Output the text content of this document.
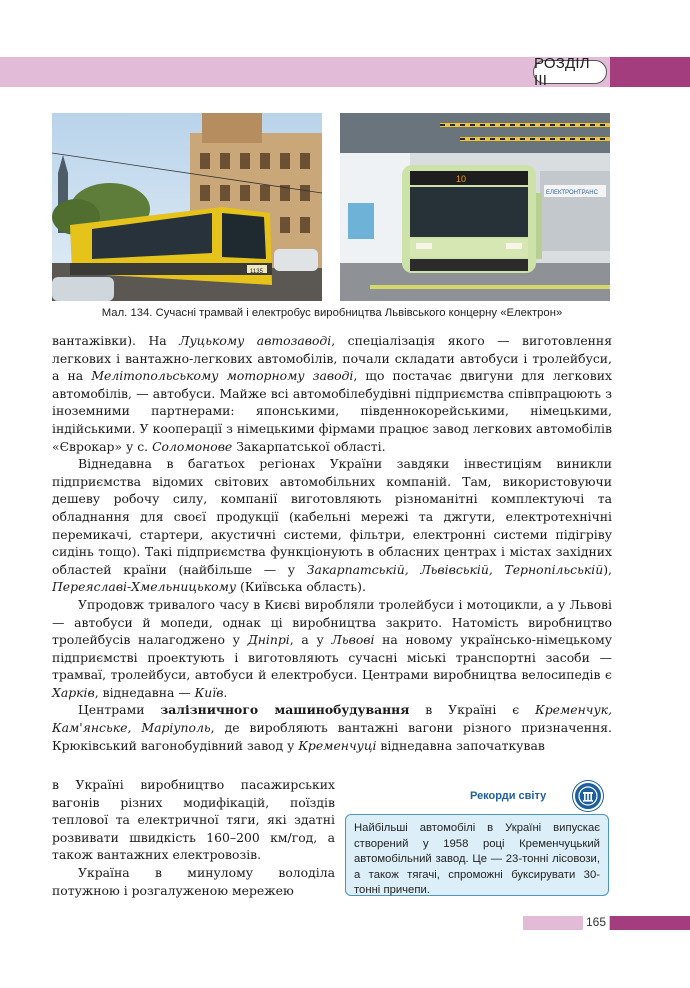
РОЗДІЛ ІІІ
1135
ЕЛЕКТРОНТРАНС
10
Мал. 134. Сучасні трамвай і електробус виробництва Львівського концерну «Електрон»

вантажівки). На Луцькому автозаводі, спеціалізація якого — виготовлення легкових і вантажно-легкових автомобілів, почали складати автобуси і тролейбуси, а на Мелітопольському моторному заводі, що постачає двигуни для легкових автомобілів, — автобуси. Майже всі автомобілебудівні підприємства співпрацюють з іноземними партнерами: японськими, південнокорейськими, німецькими, індійськими. У кооперації з німецькими фірмами працює завод легкових автомобілів «Єврокар» у с. Соломонове Закарпатської області.

Віднедавна в багатьох регіонах України завдяки інвестиціям виникли підприємства відомих світових автомобільних компаній. Там, використовуючи дешеву робочу силу, компанії виготовляють різноманітні комплектуючі та обладнання для своєї продукції (кабельні мережі та джгути, електротехнічні перемикачі, стартери, акустичні системи, фільтри, електронні системи підігріву сидінь тощо). Такі підприємства функціонують в обласних центрах і містах західних областей країни (найбільше — у Закарпатській, Львівській, Тернопільській), Переяславі-Хмельницькому (Київська область).

Упродовж тривалого часу в Києві виробляли тролейбуси і мотоцикли, а у Львові — автобуси й мопеди, однак ці виробництва закрито. Натомість виробництво тролейбусів налагоджено у Дніпрі, а у Львові на новому українсько-німецькому підприємстві проектують і виготовляють сучасні міські транспортні засоби — трамваї, тролейбуси, автобуси й електробуси. Центрами виробництва велосипедів є Харків, віднедавна — Київ.

Центрами залізничного машинобудування в Україні є Кременчук, Кам'янське, Маріуполь, де виробляють вантажні вагони різного призначення. Крюківський вагонобудівний завод у Кременчуці віднедавна започаткував

в Україні виробництво пасажирських вагонів різних модифікацій, поїздів теплової та електричної тяги, які здатні розвивати швидкість 160–200 км/год, а також вантажних електровозів.

Україна в минулому володіла потужною і розгалуженою мережею

Рекорди світу
Найбільші автомобілі в Україні випускає створений у 1958 році Кременчуцький автомобільний завод. Це — 23-тонні лісовози, а також тягачі, спроможні буксирувати 30-тонні причепи.
165
